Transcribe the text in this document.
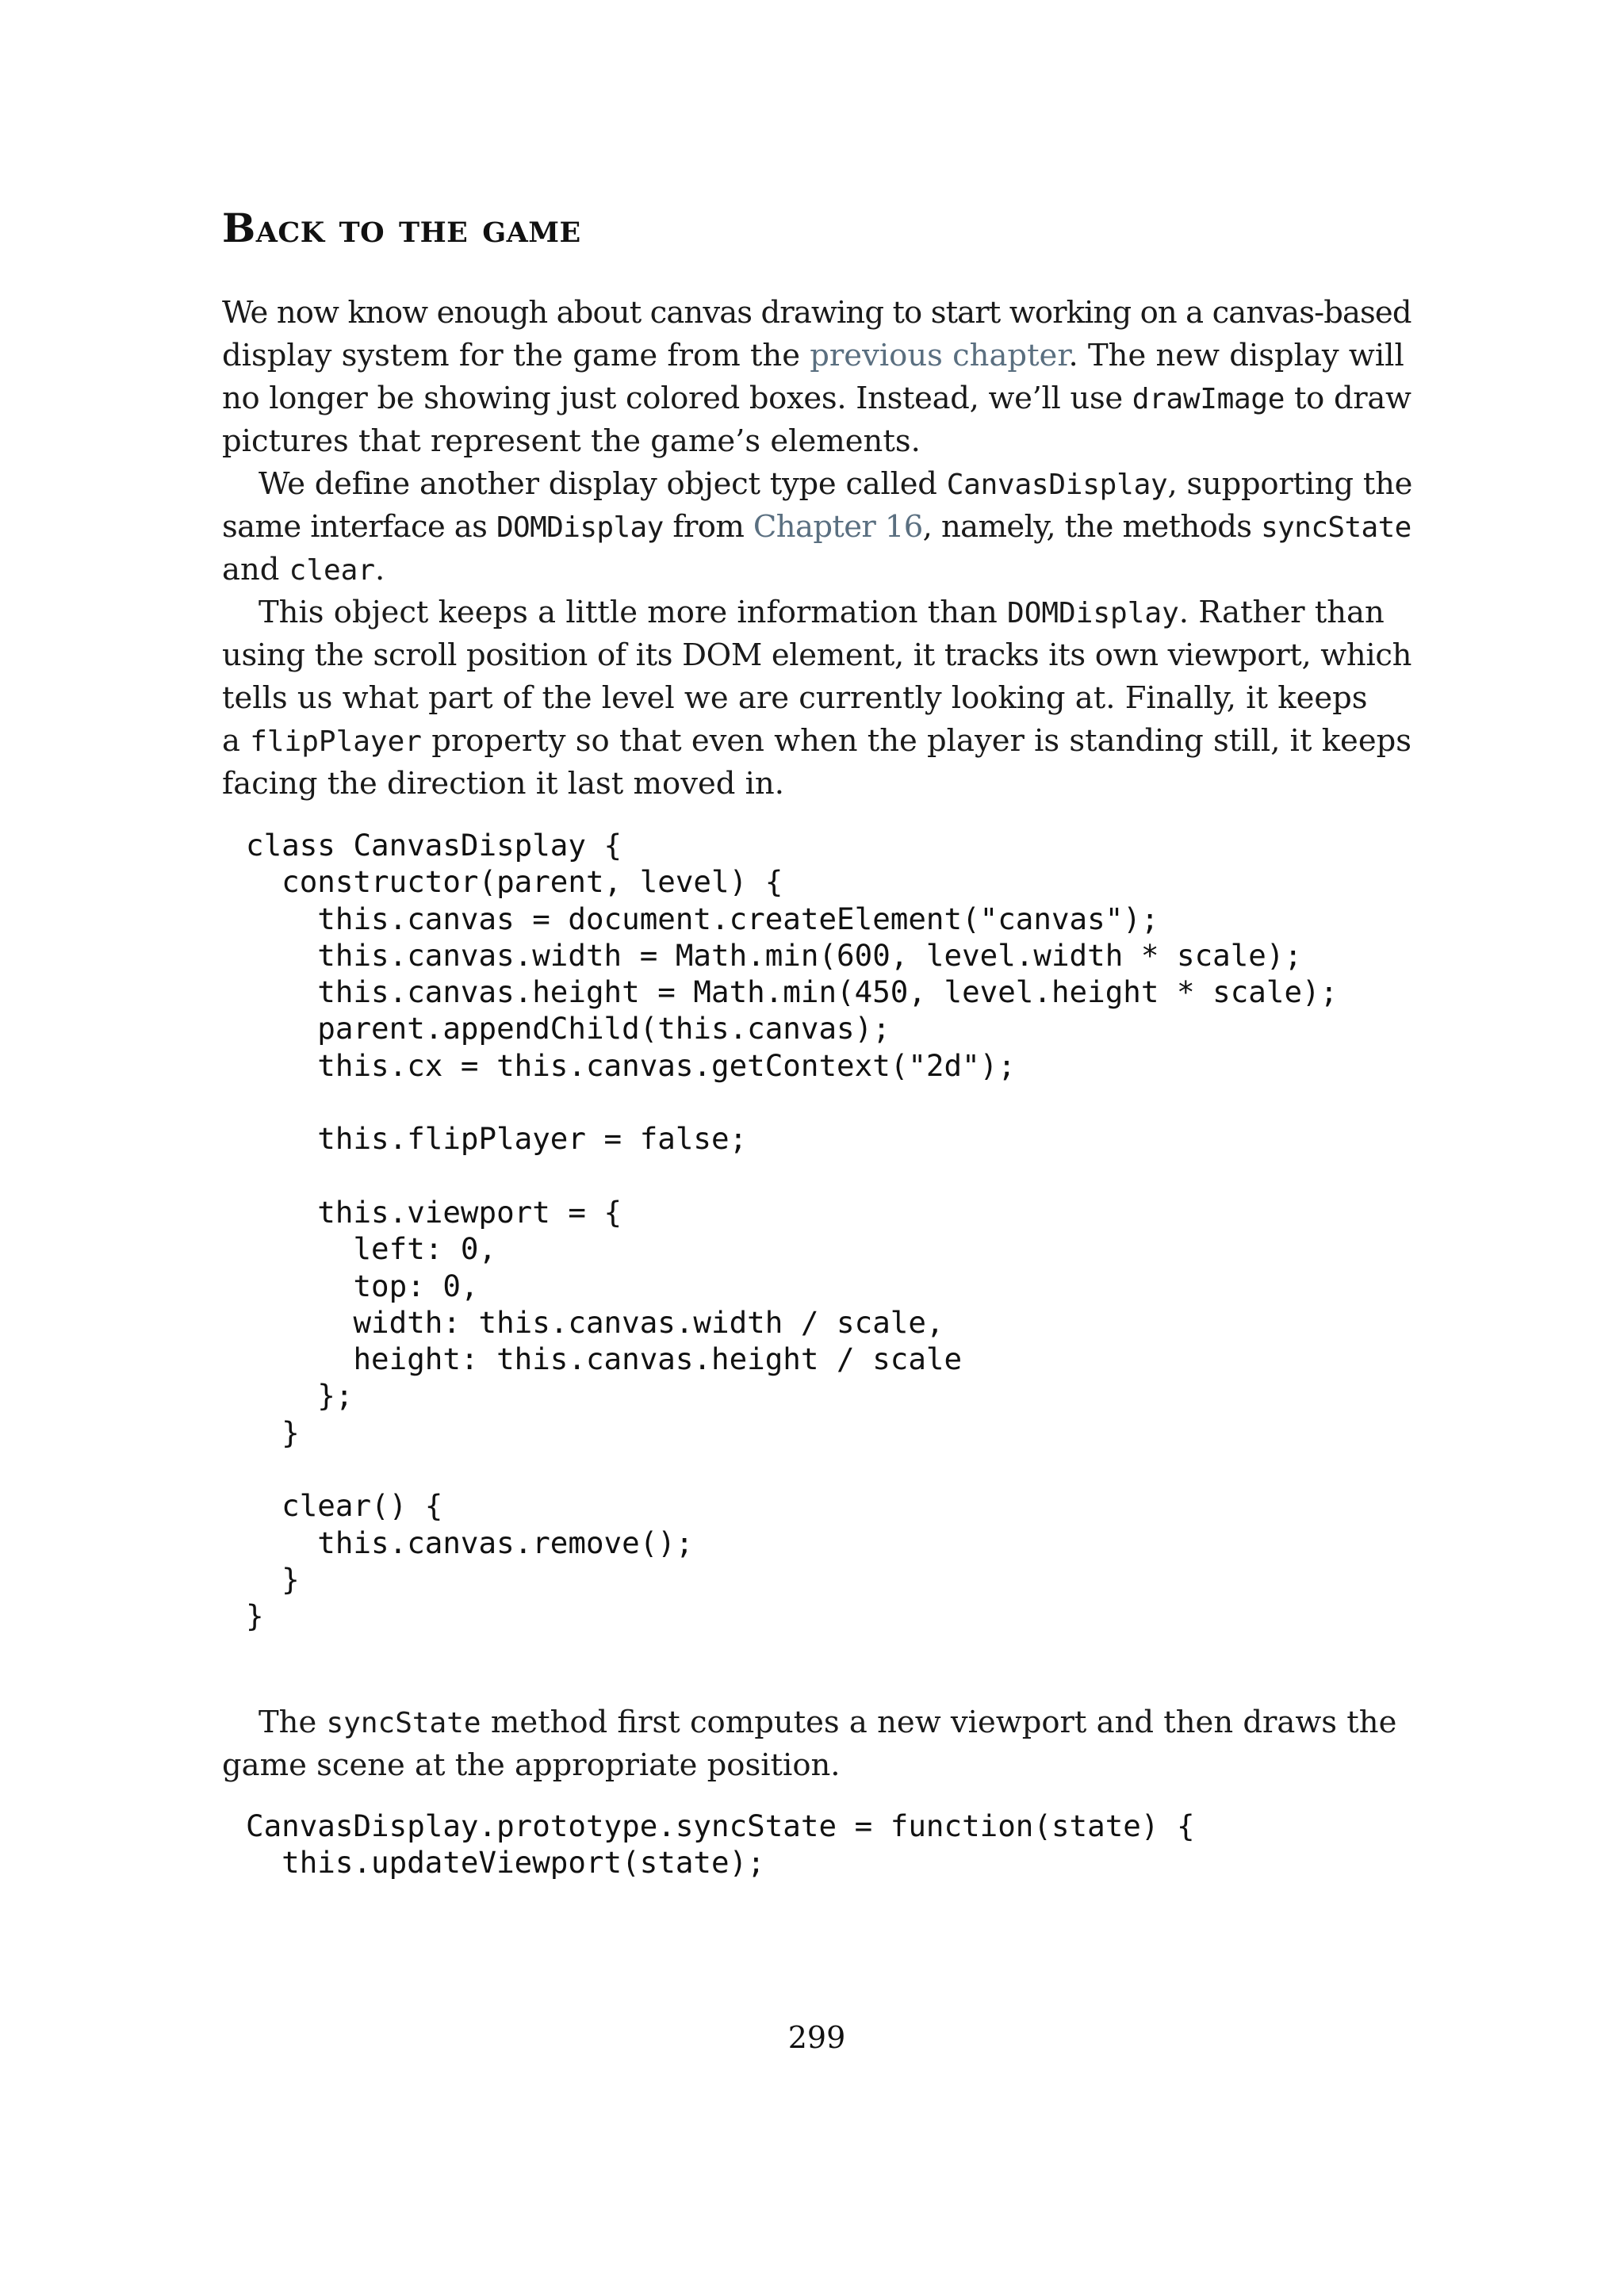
Back to the game
We now know enough about canvas drawing to start working on a canvas-based
display system for the game from the previous chapter. The new display will
no longer be showing just colored boxes. Instead, we’ll use drawImage to draw
pictures that represent the game’s elements.
We define another display object type called CanvasDisplay, supporting the
same interface as DOMDisplay from Chapter 16, namely, the methods syncState
and clear.
This object keeps a little more information than DOMDisplay. Rather than
using the scroll position of its DOM element, it tracks its own viewport, which
tells us what part of the level we are currently looking at. Finally, it keeps
a flipPlayer property so that even when the player is standing still, it keeps
facing the direction it last moved in.
class CanvasDisplay {
constructor(parent, level) {
this.canvas = document.createElement("canvas");
this.canvas.width = Math.min(600, level.width * scale);
this.canvas.height = Math.min(450, level.height * scale);
parent.appendChild(this.canvas);
this.cx = this.canvas.getContext("2d");

this.flipPlayer = false;

this.viewport = {
left: 0,
top: 0,
width: this.canvas.width / scale,
height: this.canvas.height / scale
};
}

clear() {
this.canvas.remove();
}
}
The syncState method first computes a new viewport and then draws the
game scene at the appropriate position.
CanvasDisplay.prototype.syncState = function(state) {
this.updateViewport(state);
299
